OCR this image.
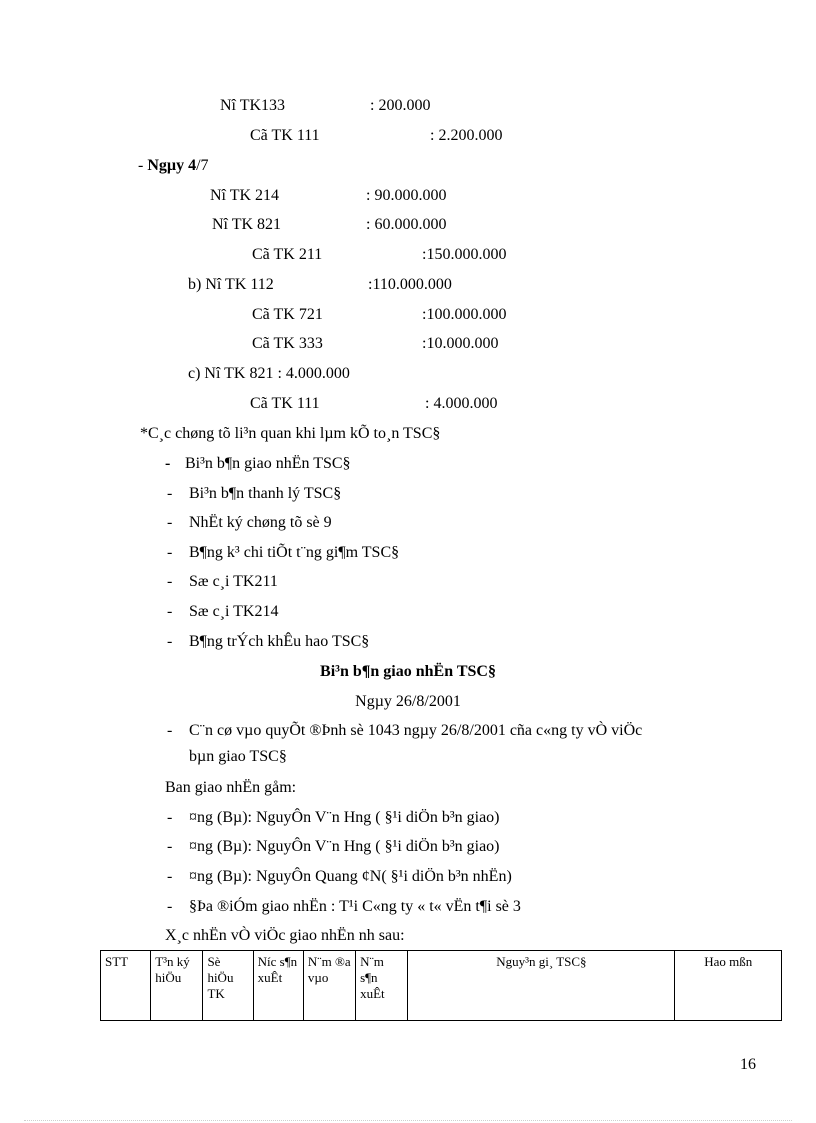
Nî TK133	: 200.000
Cã TK 111	: 2.200.000
- Ngµy 4/7
Nî TK 214	: 90.000.000
Nî TK 821	: 60.000.000
Cã TK 211	:150.000.000
b) Nî TK 112	:110.000.000
Cã TK 721	:100.000.000
Cã TK 333	:10.000.000
c) Nî TK 821 : 4.000.000
Cã TK 111	: 4.000.000
*C¸c chøng tõ li³n quan khi lµm kÕ to¸n TSC§
- Bi³n b¶n giao nhËn TSC§
- Bi³n b¶n thanh lý TSC§
- NhËt ký chøng tõ sè 9
- B¶ng k³ chi tiÕt t¨ng gi¶m TSC§
- Sæ c¸i TK211
- Sæ c¸i TK214
- B¶ng trÝch khÊu hao TSC§
Bi³n b¶n giao nhËn TSC§
Ngµy 26/8/2001
- C¨n cø vµo quyÕt ®Þnh sè 1043 ngµy 26/8/2001 cña c«ng ty vÒ viÖc
bµn giao TSC§
Ban giao nhËn gåm:
- ¤ng (Bµ): NguyÔn V¨n Hng ( §¹i diÖn b³n giao)
- ¤ng (Bµ): NguyÔn V¨n Hng ( §¹i diÖn b³n giao)
- ¤ng (Bµ): NguyÔn Quang ¢N( §¹i diÖn b³n nhËn)
- §Þa ®iÓm giao nhËn : T¹i C«ng ty « t« vËn t¶i sè 3
X¸c nhËn vÒ viÖc giao nhËn nh sau:
STT	T³n ký hiÖu	Sè hiÖu TK	Níc s¶n xuÊt	N¨m ®a vµo	N¨m s¶n xuÊt	Nguy³n gi¸ TSC§	Hao mßn
16
